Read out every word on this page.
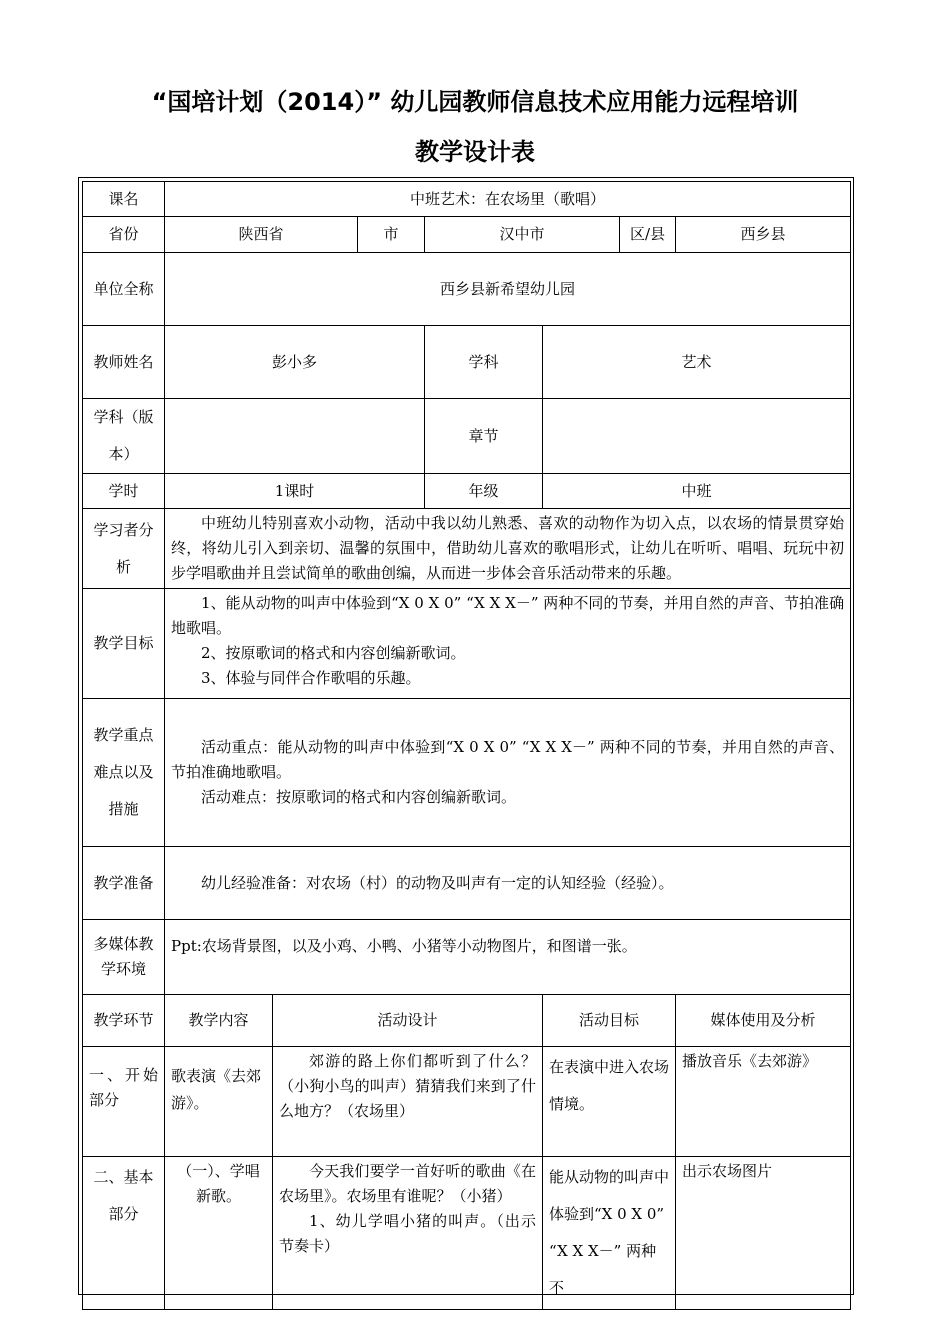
“国培计划（2014）” 幼儿园教师信息技术应用能力远程培训
教学设计表
课名	中班艺术：在农场里（歌唱）						
省份	陕西省		市	汉中市		区/县	西乡县
单位全称	西乡县新希望幼儿园						
教师姓名	彭小多			学科	艺术		
学科（版本）				章节			
学时	1课时			年级	中班		
学习者分析	中班幼儿特别喜欢小动物，活动中我以幼儿熟悉、喜欢的动物作为切入点，以农场的情景贯穿始终，将幼儿引入到亲切、温馨的氛围中，借助幼儿喜欢的歌唱形式，让幼儿在听听、唱唱、玩玩中初步学唱歌曲并且尝试简单的歌曲创编，从而进一步体会音乐活动带来的乐趣。						

教学目标	1、能从动物的叫声中体验到“X 0 X 0” “X X X－” 两种不同的节奏，并用自然的声音、节拍准确地歌唱。

2、按原歌词的格式和内容创编新歌词。

3、体验与同伴合作歌唱的乐趣。						

教学重点难点以及措施	活动重点：能从动物的叫声中体验到“X 0 X 0” “X X X－” 两种不同的节奏，并用自然的声音、节拍准确地歌唱。

活动难点：按原歌词的格式和内容创编新歌词。						

教学准备	幼儿经验准备：对农场（村）的动物及叫声有一定的认知经验（经验）。						

多媒体教学环境	Ppt:农场背景图，以及小鸡、小鸭、小猪等小动物图片，和图谱一张。						

教学环节	教学内容	活动设计			活动目标		媒体使用及分析
一、开始部分	歌表演《去郊游》。	郊游的路上你们都听到了什么？（小狗小鸟的叫声）猜猜我们来到了什么地方？（农场里）			在表演中进入农场情境。		播放音乐《去郊游》
二、基本部分	（一）、学唱新歌。	今天我们要学一首好听的歌曲《在农场里》。农场里有谁呢？（小猪）

1、幼儿学唱小猪的叫声。（出示节奏卡）			能从动物的叫声中体验到“X 0 X 0” “X X X－” 两种不		出示农场图片
